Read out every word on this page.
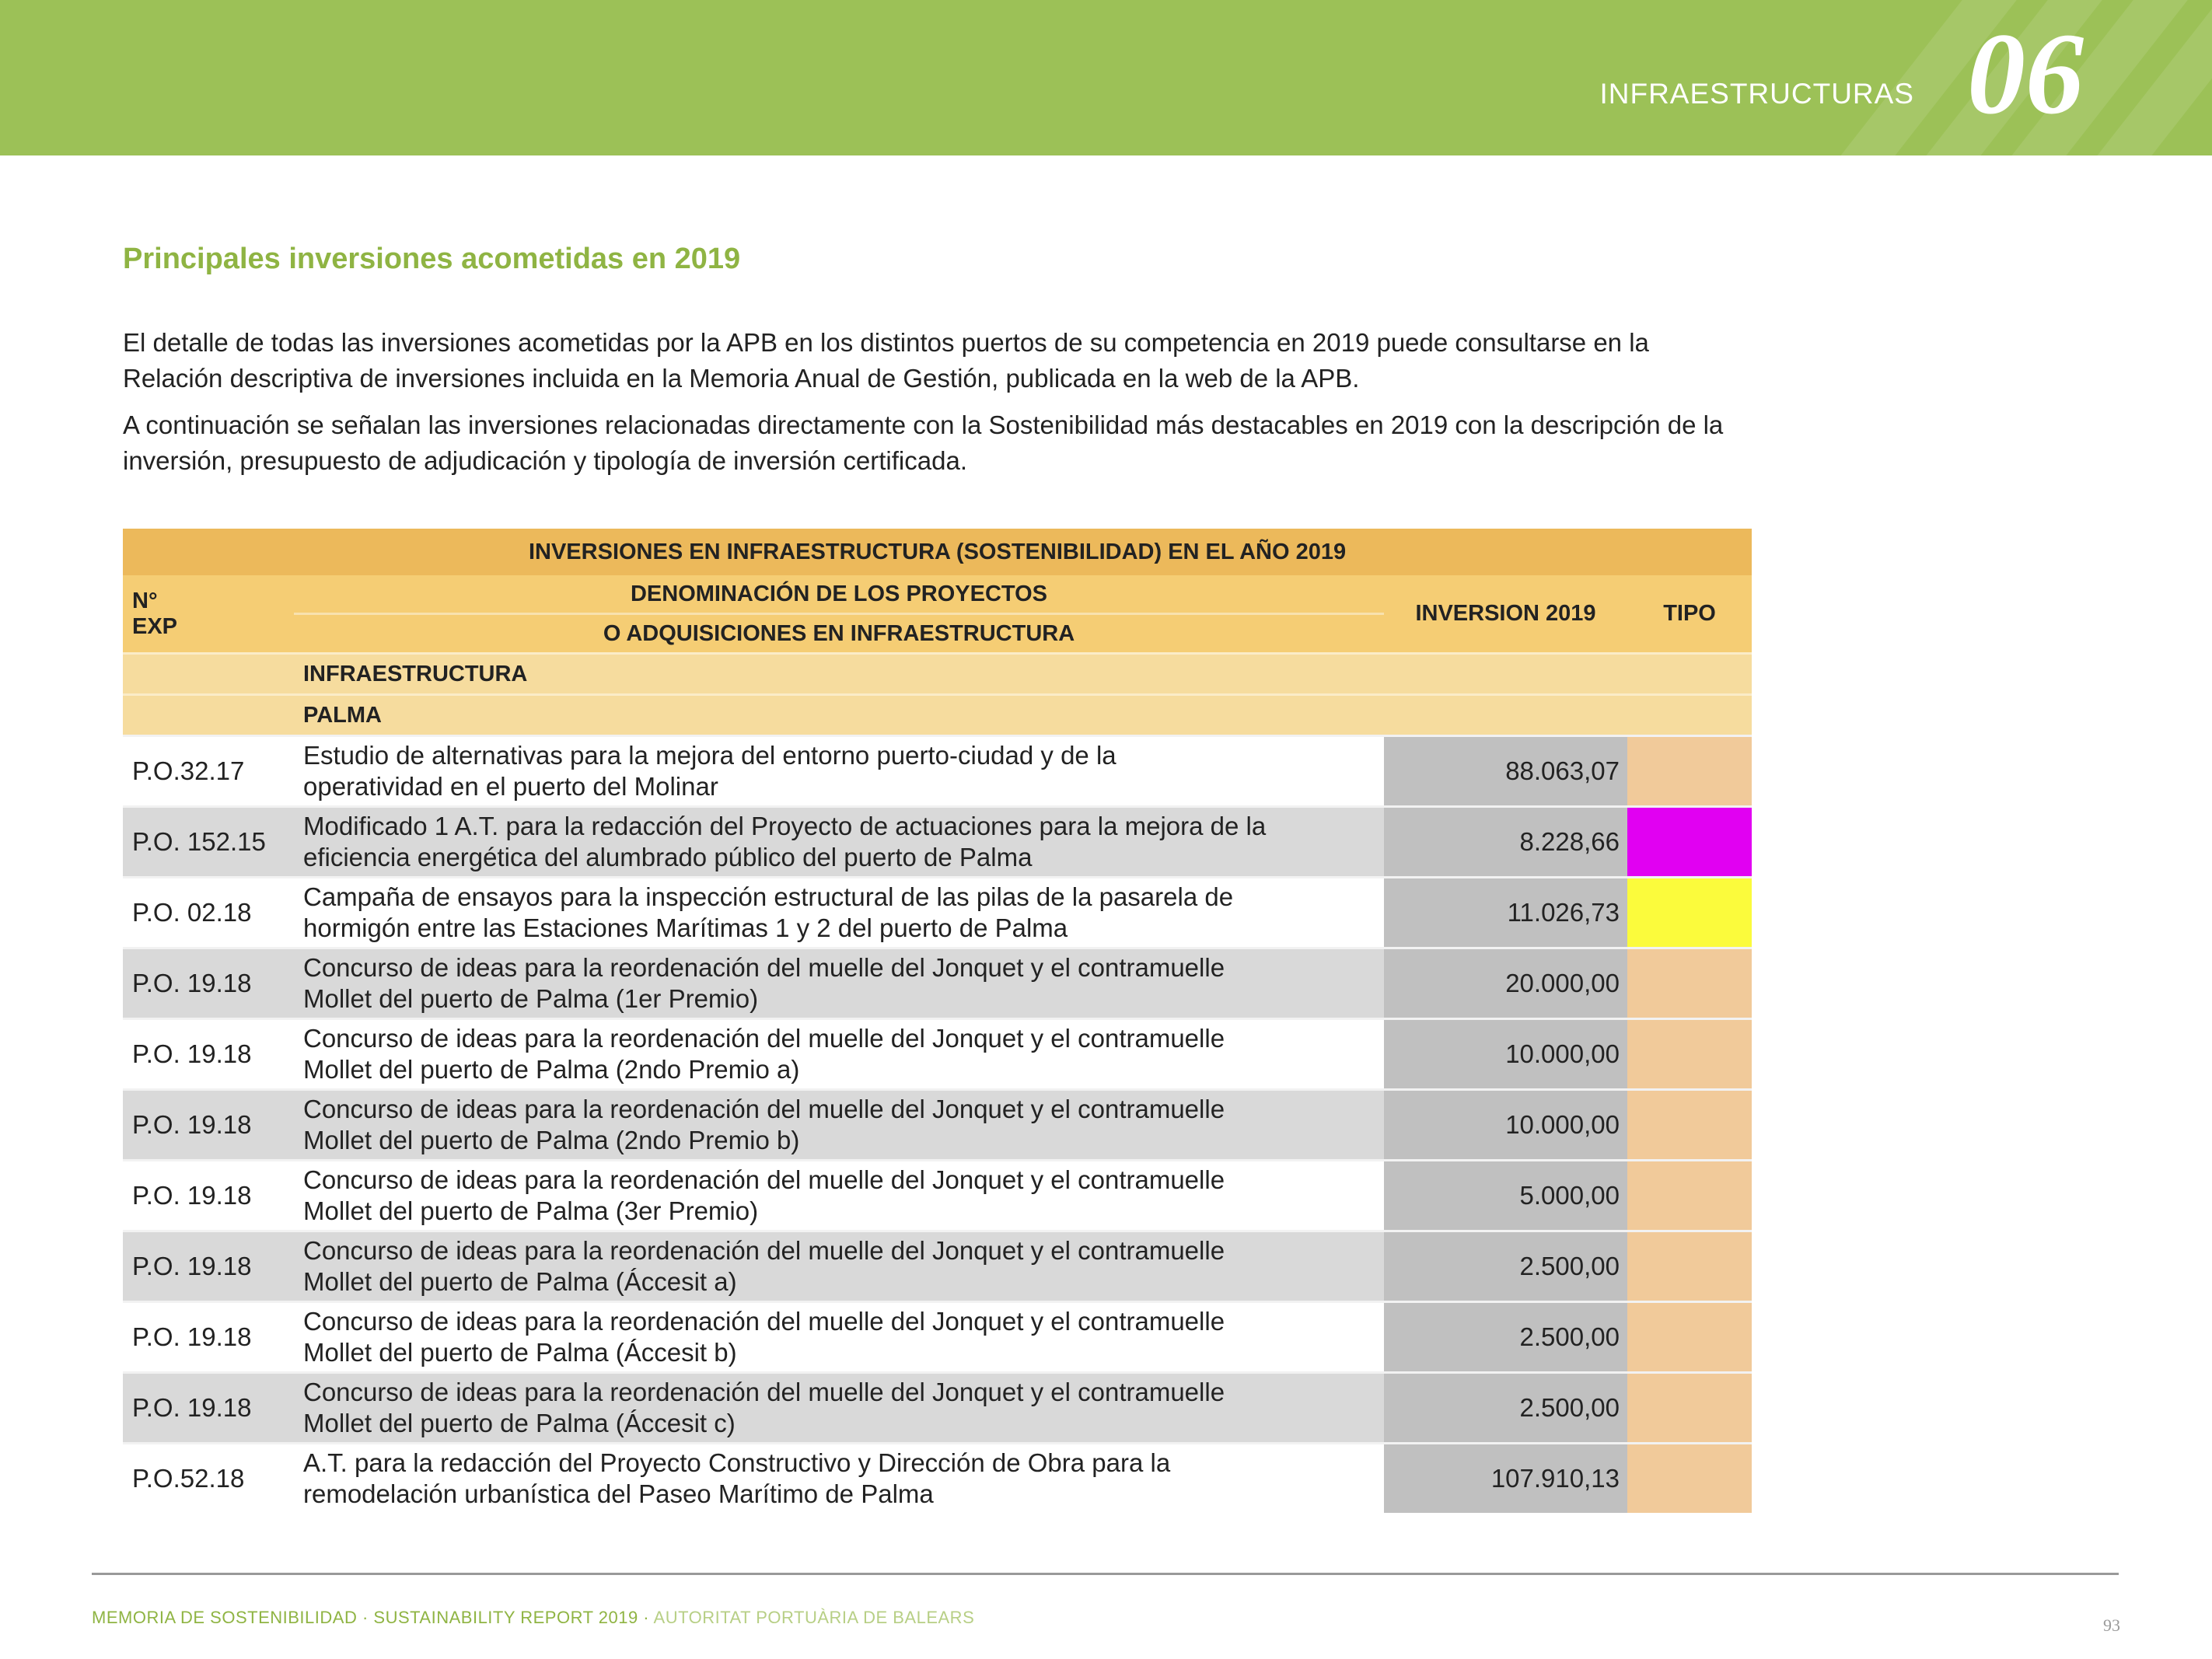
INFRAESTRUCTURAS 06
Principales inversiones acometidas en 2019

El detalle de todas las inversiones acometidas por la APB en los distintos puertos de su competencia en 2019 puede consultarse en la Relación descriptiva de inversiones incluida en la Memoria Anual de Gestión, publicada en la web de la APB.

A continuación se señalan las inversiones relacionadas directamente con la Sostenibilidad más destacables en 2019 con la descripción de la inversión, presupuesto de adjudicación y tipología de inversión certificada.

INVERSIONES EN INFRAESTRUCTURA (SOSTENIBILIDAD) EN EL AÑO 2019			

N°
EXP	DENOMINACIÓN DE LOS PROYECTOS	INVERSION 2019	TIPO
	O ADQUISICIONES EN INFRAESTRUCTURA		
	INFRAESTRUCTURA		
	PALMA		
P.O.32.17	Estudio de alternativas para la mejora del entorno puerto-ciudad y de la
operatividad en el puerto del Molinar	88.063,07	
P.O. 152.15	Modificado 1 A.T. para la redacción del Proyecto de actuaciones para la mejora de la
eficiencia energética del alumbrado público del puerto de Palma	8.228,66	
P.O. 02.18	Campaña de ensayos para la inspección estructural de las pilas de la pasarela de
hormigón entre las Estaciones Marítimas 1 y 2 del puerto de Palma	11.026,73	
P.O. 19.18	Concurso de ideas para la reordenación del muelle del Jonquet y el contramuelle
Mollet del puerto de Palma (1er Premio)	20.000,00	
P.O. 19.18	Concurso de ideas para la reordenación del muelle del Jonquet y el contramuelle
Mollet del puerto de Palma (2ndo Premio a)	10.000,00	
P.O. 19.18	Concurso de ideas para la reordenación del muelle del Jonquet y el contramuelle
Mollet del puerto de Palma (2ndo Premio b)	10.000,00	
P.O. 19.18	Concurso de ideas para la reordenación del muelle del Jonquet y el contramuelle
Mollet del puerto de Palma (3er Premio)	5.000,00	
P.O. 19.18	Concurso de ideas para la reordenación del muelle del Jonquet y el contramuelle
Mollet del puerto de Palma (Áccesit a)	2.500,00	
P.O. 19.18	Concurso de ideas para la reordenación del muelle del Jonquet y el contramuelle
Mollet del puerto de Palma (Áccesit b)	2.500,00	
P.O. 19.18	Concurso de ideas para la reordenación del muelle del Jonquet y el contramuelle
Mollet del puerto de Palma (Áccesit c)	2.500,00	
P.O.52.18	A.T. para la redacción del Proyecto Constructivo y Dirección de Obra para la
remodelación urbanística del Paseo Marítimo de Palma	107.910,13	
MEMORIA DE SOSTENIBILIDAD · SUSTAINABILITY REPORT 2019 · AUTORITAT PORTUÀRIA DE BALEARS	93
